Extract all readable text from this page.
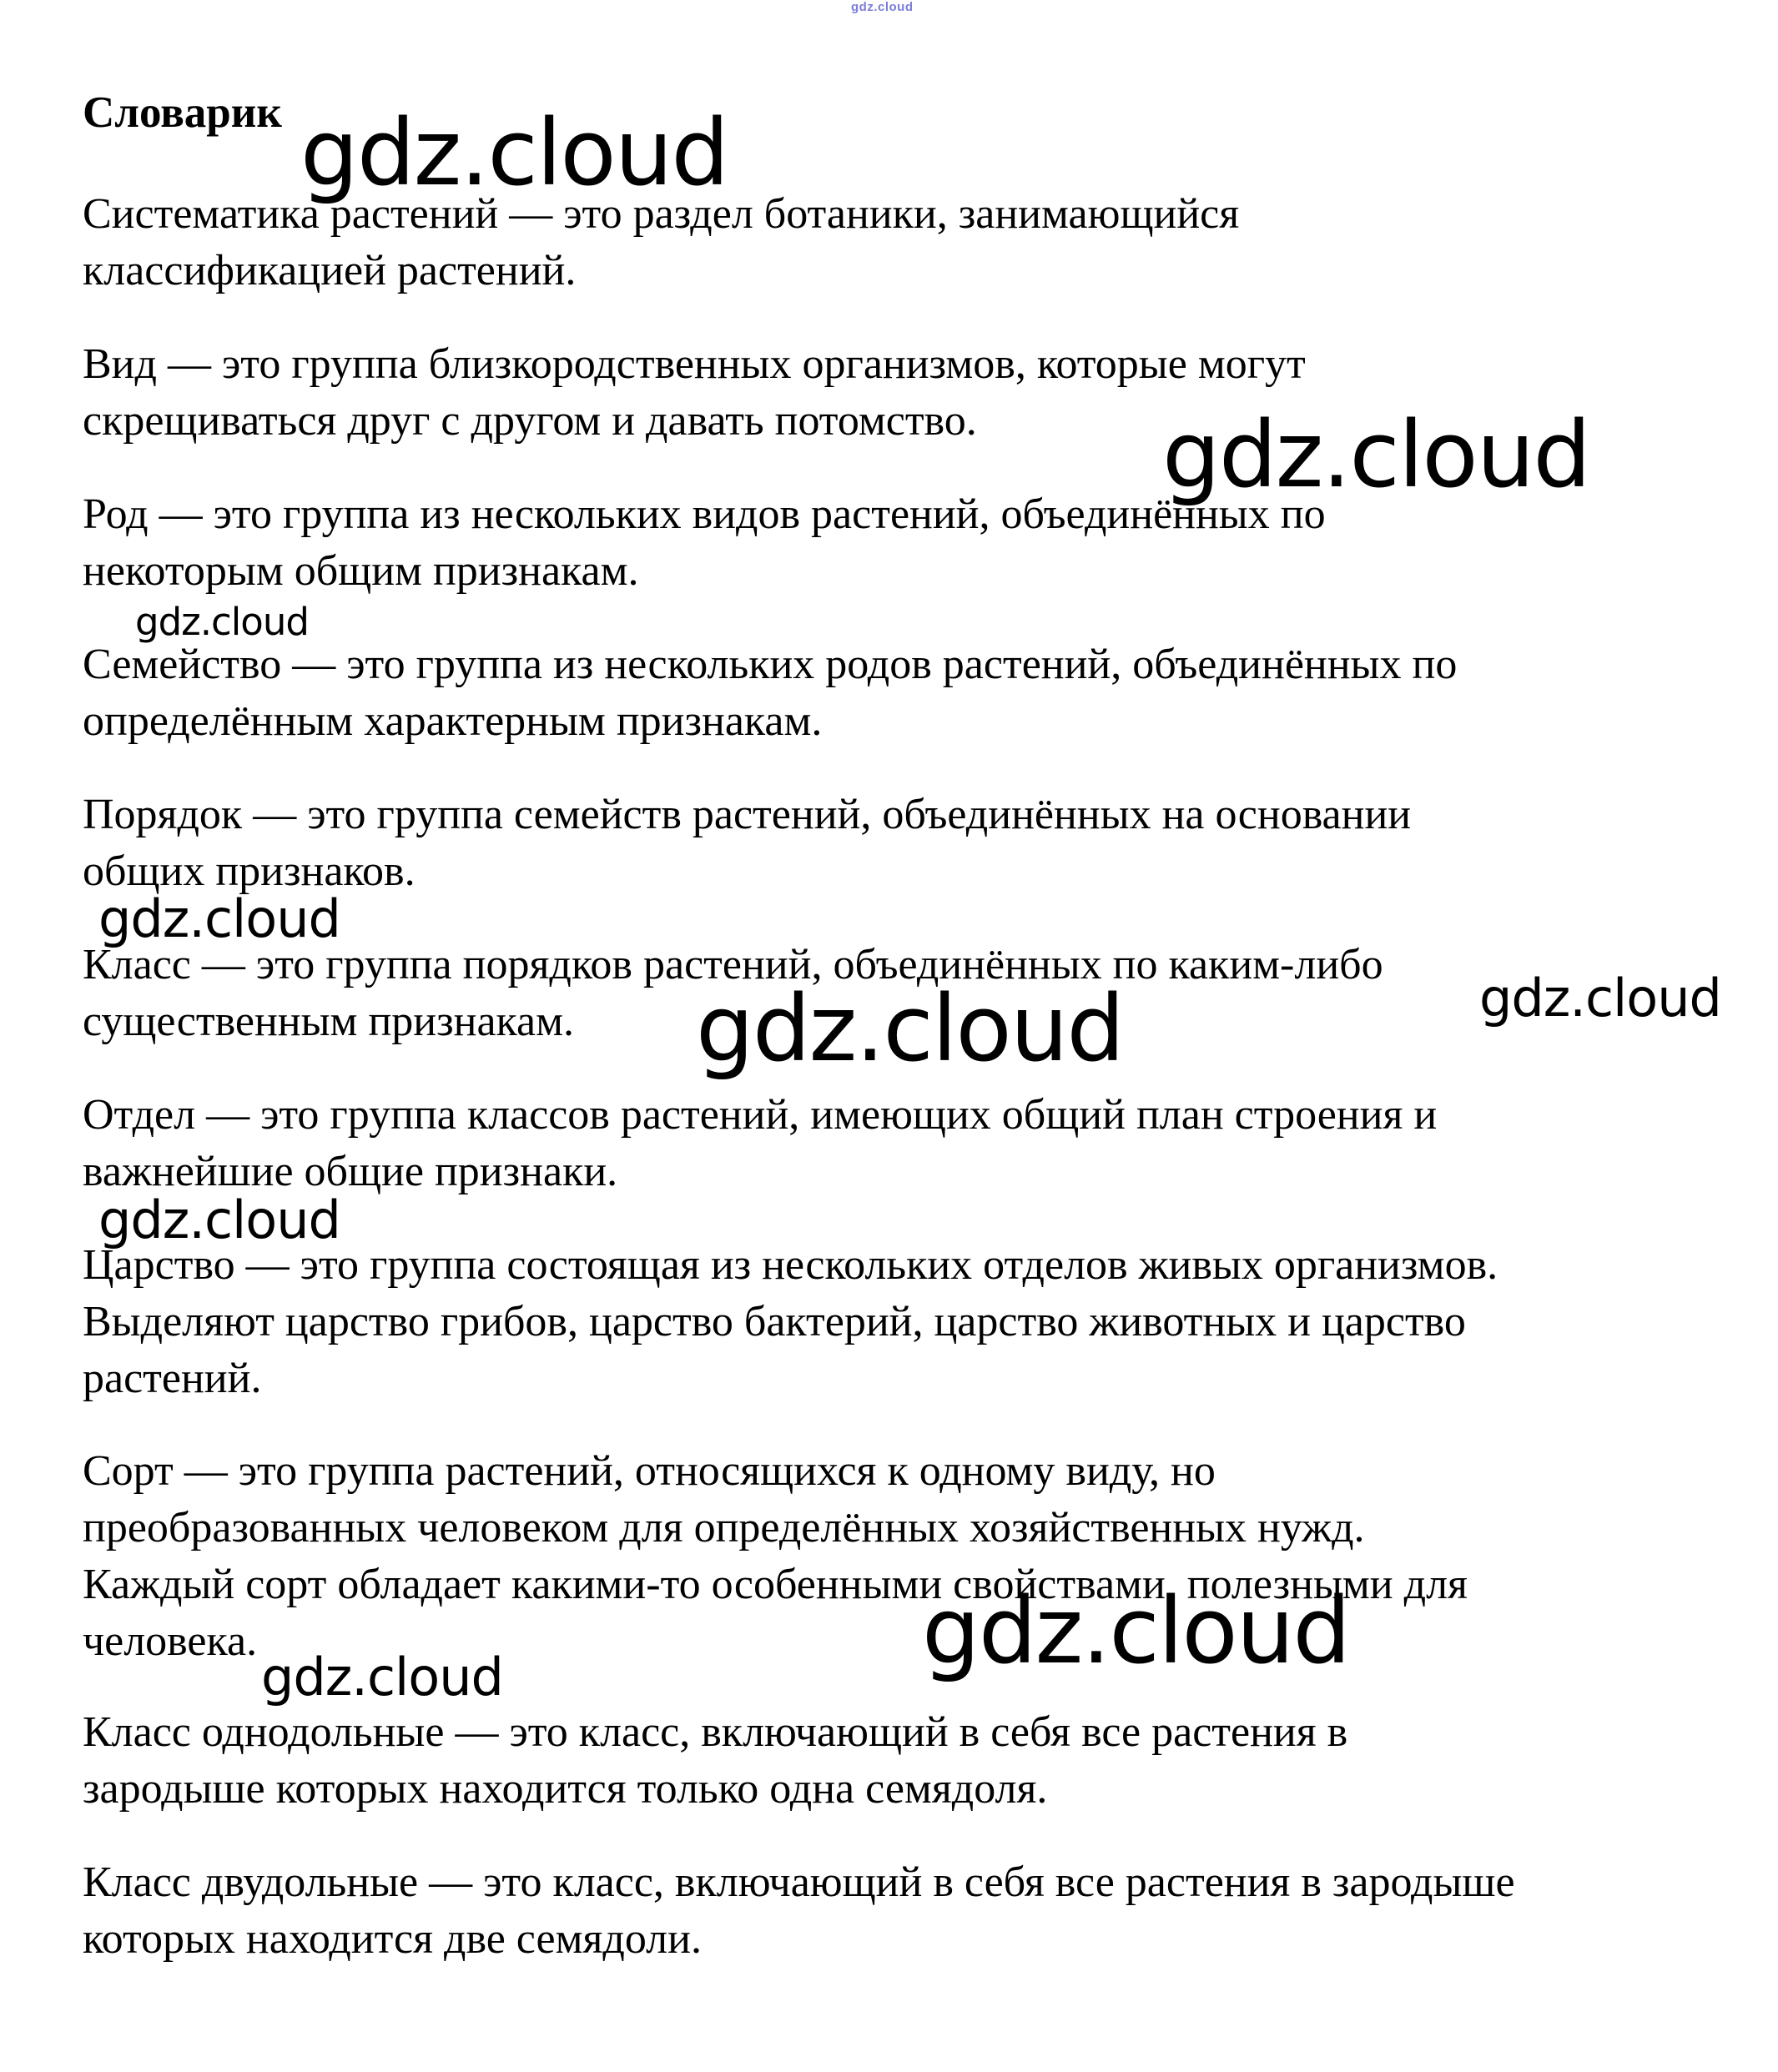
gdz.cloud
Словарик
Систематика растений — это раздел ботаники, занимающийся
классификацией растений.
Вид — это группа близкородственных организмов, которые могут
скрещиваться друг с другом и давать потомство.
Род — это группа из нескольких видов растений, объединённых по
некоторым общим признакам.
Семейство — это группа из нескольких родов растений, объединённых по
определённым характерным признакам.
Порядок — это группа семейств растений, объединённых на основании
общих признаков.
Класс — это группа порядков растений, объединённых по каким-либо
существенным признакам.
Отдел — это группа классов растений, имеющих общий план строения и
важнейшие общие признаки.
Царство — это группа состоящая из нескольких отделов живых организмов.
Выделяют царство грибов, царство бактерий, царство животных и царство
растений.
Сорт — это группа растений, относящихся к одному виду, но
преобразованных человеком для определённых хозяйственных нужд.
Каждый сорт обладает какими-то особенными свойствами, полезными для
человека.
Класс однодольные — это класс, включающий в себя все растения в
зародыше которых находится только одна семядоля.
Класс двудольные — это класс, включающий в себя все растения в зародыше
которых находится две семядоли.
gdz.cloud
gdz.cloud
gdz.cloud
gdz.cloud
gdz.cloud	gdz.cloud
gdz.cloud
gdz.cloud
gdz.cloud
